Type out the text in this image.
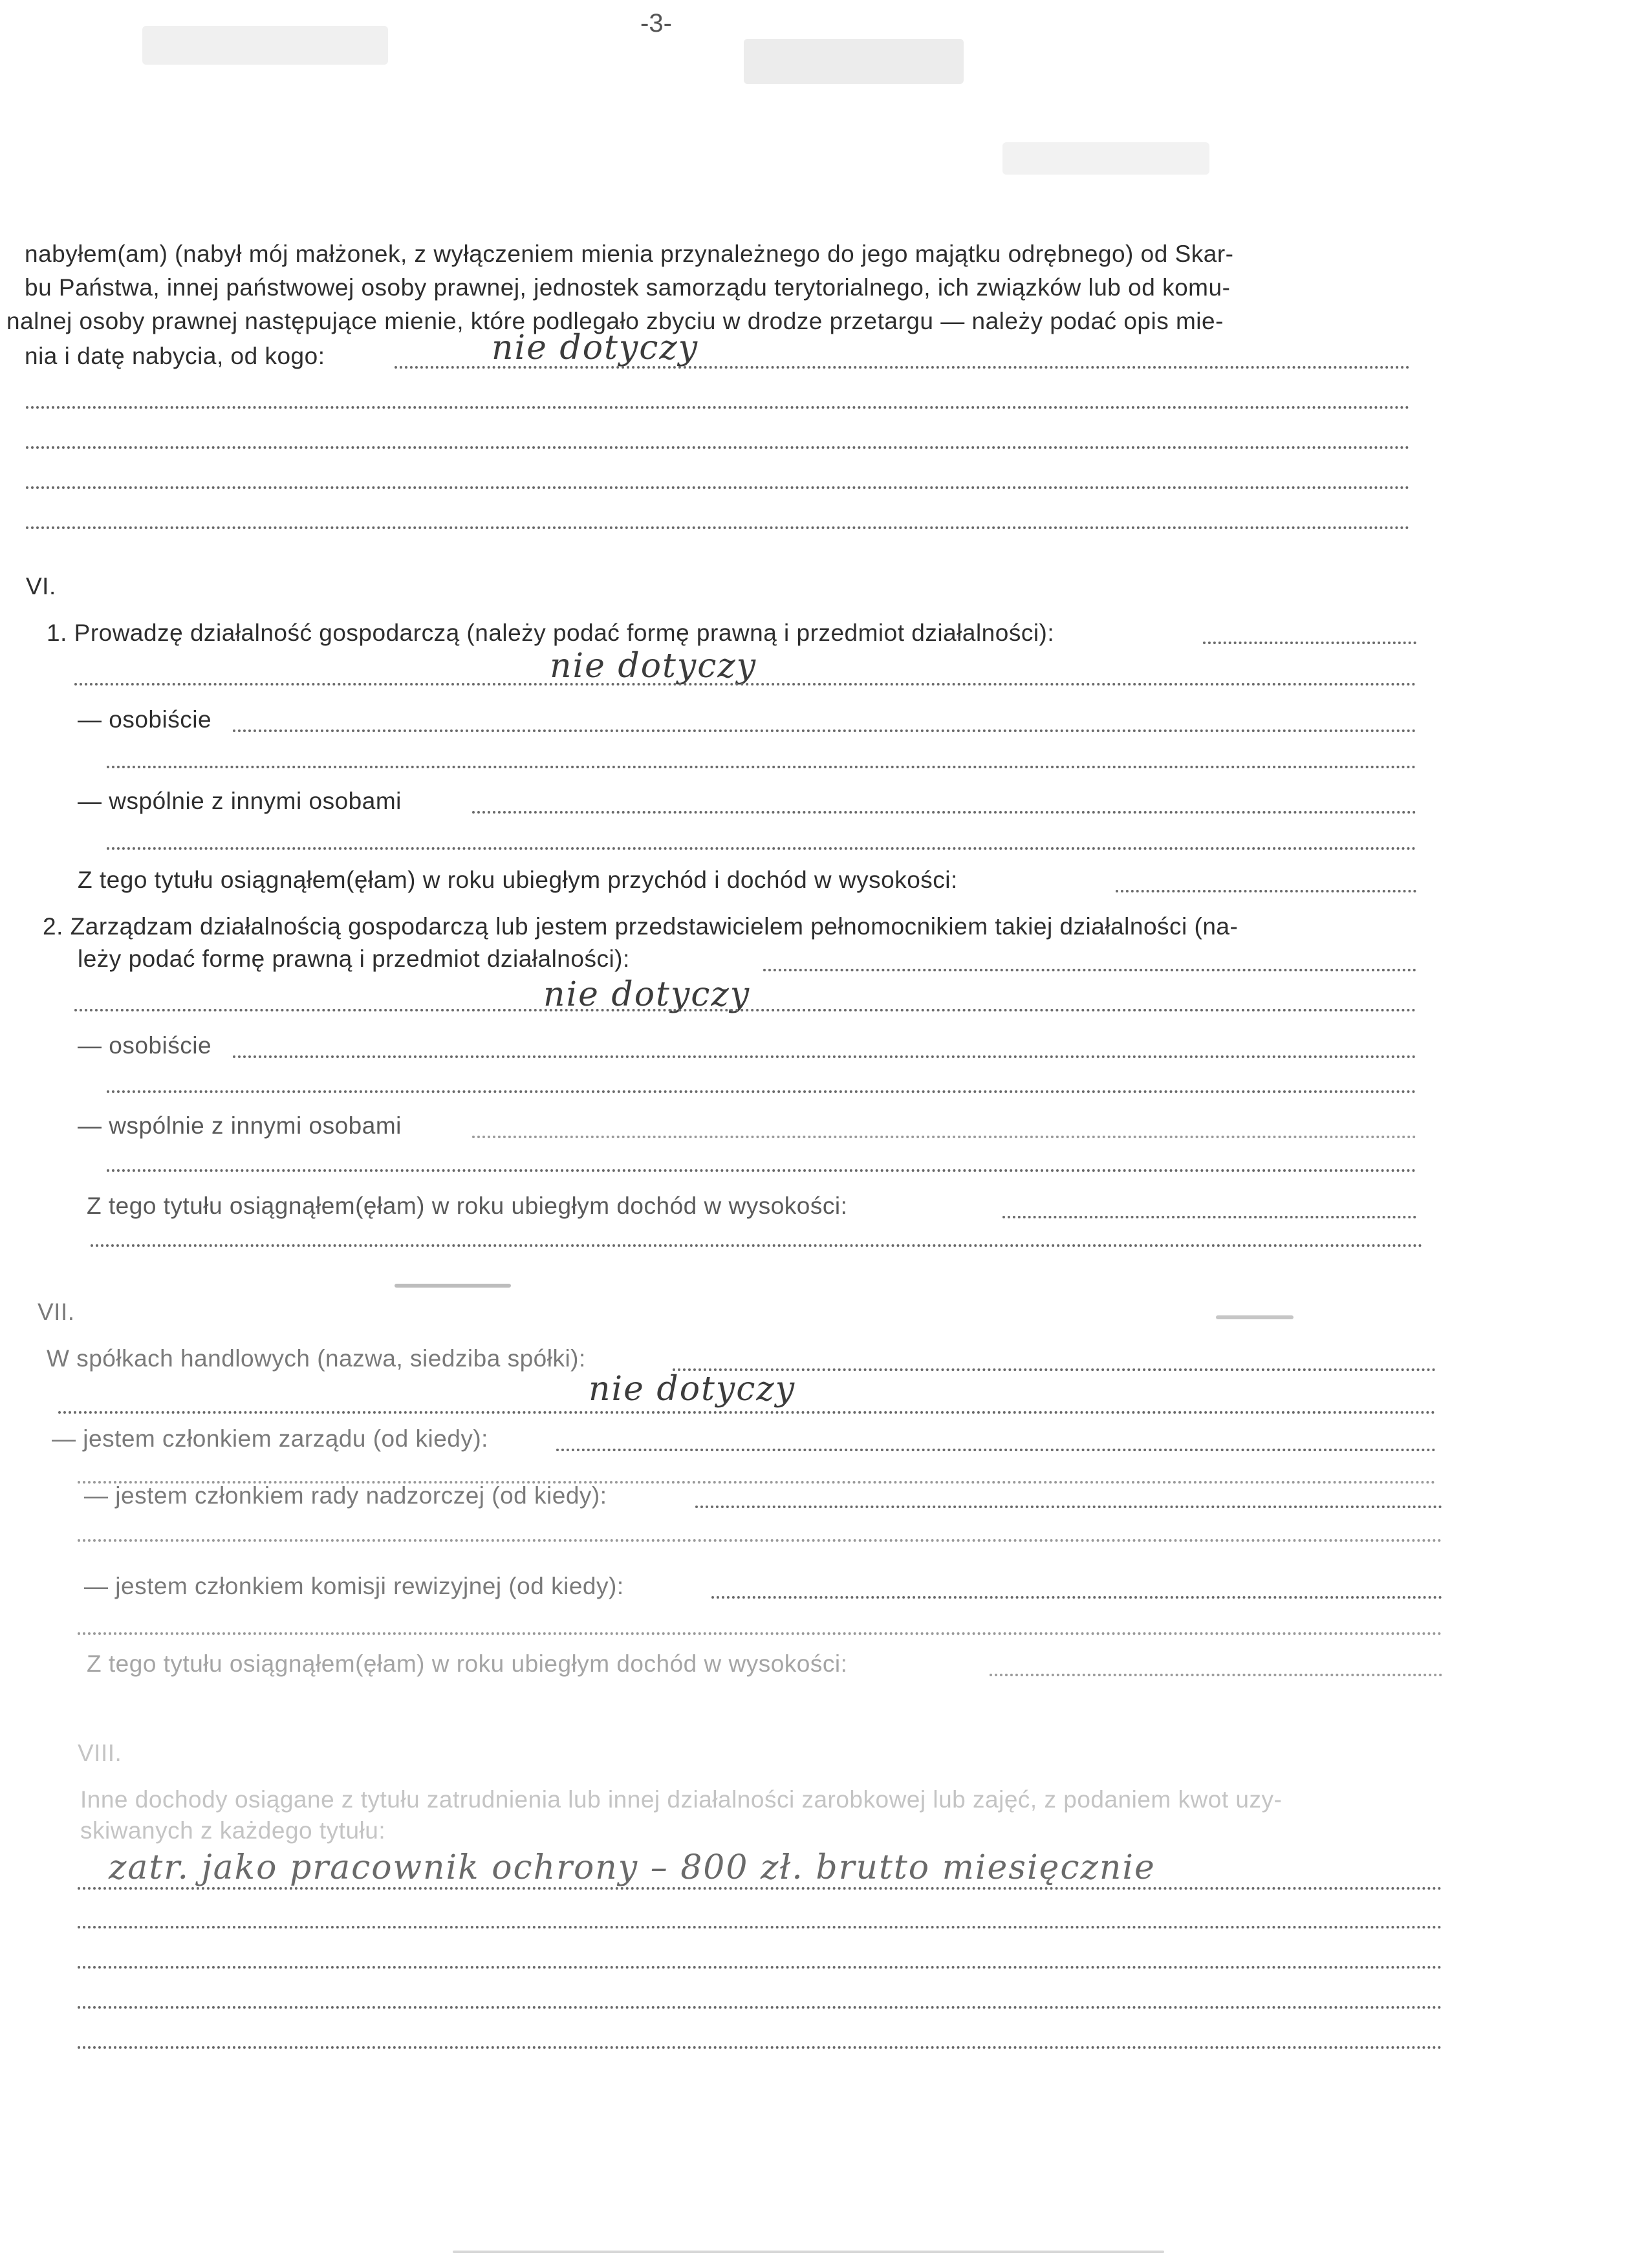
-3-
nabyłem(am) (nabył mój małżonek, z wyłączeniem mienia przynależnego do jego majątku odrębnego) od Skar-
bu Państwa, innej państwowej osoby prawnej, jednostek samorządu terytorialnego, ich związków lub od komu-
nalnej osoby prawnej następujące mienie, które podlegało zbyciu w drodze przetargu — należy podać opis mie-
nia i datę nabycia, od kogo:	nie dotyczy
VI.
1. Prowadzę działalność gospodarczą (należy podać formę prawną i przedmiot działalności):
nie dotyczy
— osobiście
— wspólnie z innymi osobami
Z tego tytułu osiągnąłem(ęłam) w roku ubiegłym przychód i dochód w wysokości:
2. Zarządzam działalnością gospodarczą lub jestem przedstawicielem pełnomocnikiem takiej działalności (na-
leży podać formę prawną i przedmiot działalności):
nie dotyczy
— osobiście
— wspólnie z innymi osobami
Z tego tytułu osiągnąłem(ęłam) w roku ubiegłym dochód w wysokości:
VII.
W spółkach handlowych (nazwa, siedziba spółki):
nie dotyczy
— jestem członkiem zarządu (od kiedy):
— jestem członkiem rady nadzorczej (od kiedy):
— jestem członkiem komisji rewizyjnej (od kiedy):
Z tego tytułu osiągnąłem(ęłam) w roku ubiegłym dochód w wysokości:
VIII.
Inne dochody osiągane z tytułu zatrudnienia lub innej działalności zarobkowej lub zajęć, z podaniem kwot uzy-
skiwanych z każdego tytułu:
zatr. jako pracownik ochrony – 800 zł. brutto miesięcznie
